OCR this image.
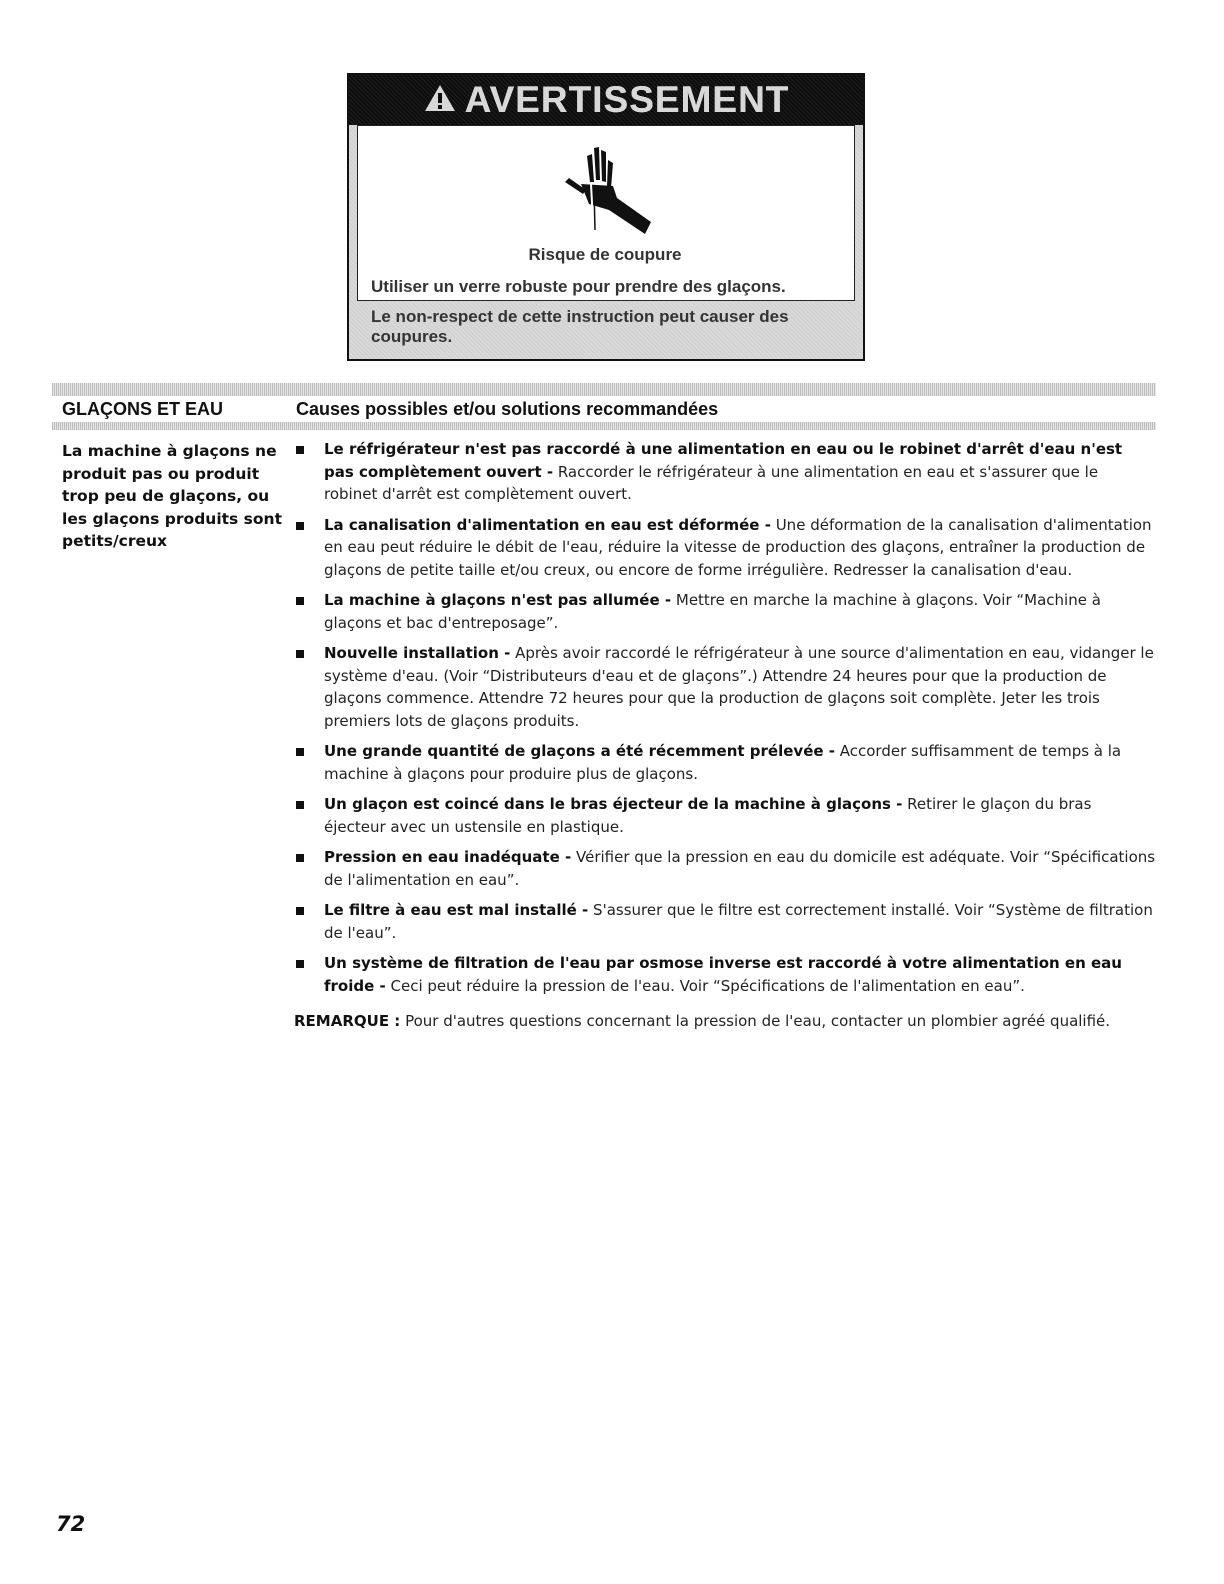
AVERTISSEMENT
Risque de coupure
Utiliser un verre robuste pour prendre des glaçons.
Le non-respect de cette instruction peut causer des coupures.
GLAÇONS ET EAU	Causes possibles et/ou solutions recommandées
La machine à glaçons ne produit pas ou produit trop peu de glaçons, ou les glaçons produits sont petits/creux
Le réfrigérateur n'est pas raccordé à une alimentation en eau ou le robinet d'arrêt d'eau n'est pas complètement ouvert - Raccorder le réfrigérateur à une alimentation en eau et s'assurer que le robinet d'arrêt est complètement ouvert.
La canalisation d'alimentation en eau est déformée - Une déformation de la canalisation d'alimentation en eau peut réduire le débit de l'eau, réduire la vitesse de production des glaçons, entraîner la production de glaçons de petite taille et/ou creux, ou encore de forme irrégulière. Redresser la canalisation d'eau.
La machine à glaçons n'est pas allumée - Mettre en marche la machine à glaçons. Voir “Machine à glaçons et bac d'entreposage”.
Nouvelle installation - Après avoir raccordé le réfrigérateur à une source d'alimentation en eau, vidanger le système d'eau. (Voir “Distributeurs d'eau et de glaçons”.) Attendre 24 heures pour que la production de glaçons commence. Attendre 72 heures pour que la production de glaçons soit complète. Jeter les trois premiers lots de glaçons produits.
Une grande quantité de glaçons a été récemment prélevée - Accorder suffisamment de temps à la machine à glaçons pour produire plus de glaçons.
Un glaçon est coincé dans le bras éjecteur de la machine à glaçons - Retirer le glaçon du bras éjecteur avec un ustensile en plastique.
Pression en eau inadéquate - Vérifier que la pression en eau du domicile est adéquate. Voir “Spécifications de l'alimentation en eau”.
Le filtre à eau est mal installé - S'assurer que le filtre est correctement installé. Voir “Système de filtration de l'eau”.
Un système de filtration de l'eau par osmose inverse est raccordé à votre alimentation en eau froide - Ceci peut réduire la pression de l'eau. Voir “Spécifications de l'alimentation en eau”.
REMARQUE : Pour d'autres questions concernant la pression de l'eau, contacter un plombier agréé qualifié.
72
